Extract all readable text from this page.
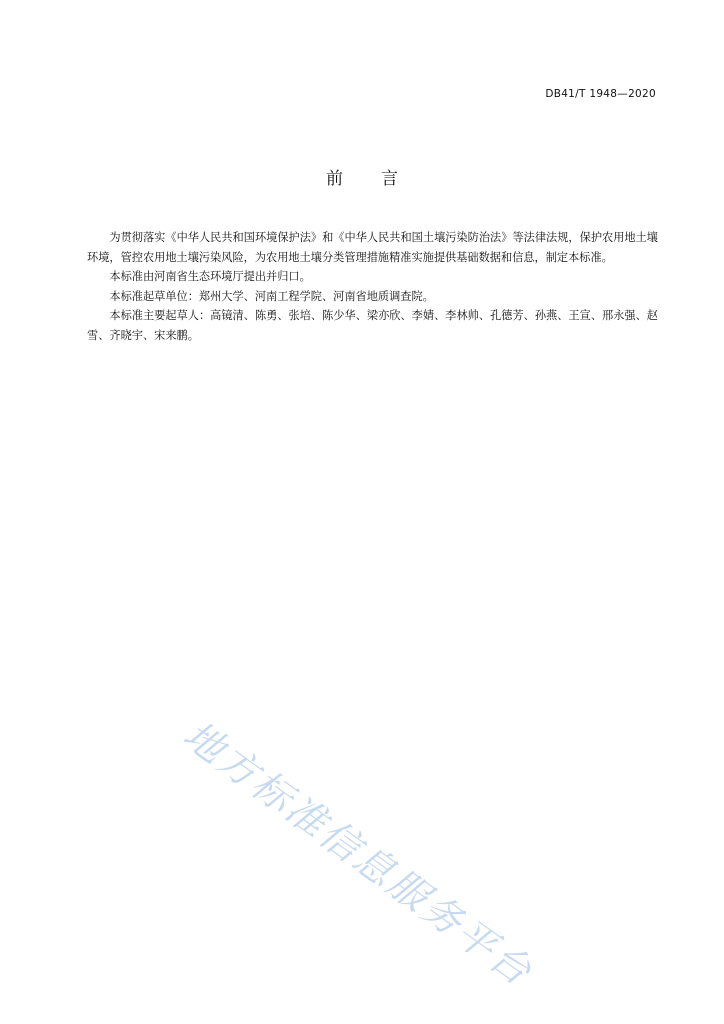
DB41/T 1948—2020
前 言

为贯彻落实《中华人民共和国环境保护法》和《中华人民共和国土壤污染防治法》等法律法规，保护农用地土壤环境，管控农用地土壤污染风险，为农用地土壤分类管理措施精准实施提供基础数据和信息，制定本标准。

本标准由河南省生态环境厅提出并归口。

本标准起草单位：郑州大学、河南工程学院、河南省地质调查院。

本标准主要起草人：高镜清、陈勇、张培、陈少华、梁亦欣、李婧、李林帅、孔德芳、孙燕、王宣、邢永强、赵雪、齐晓宇、宋来鹏。

地方标准信息服务平台
